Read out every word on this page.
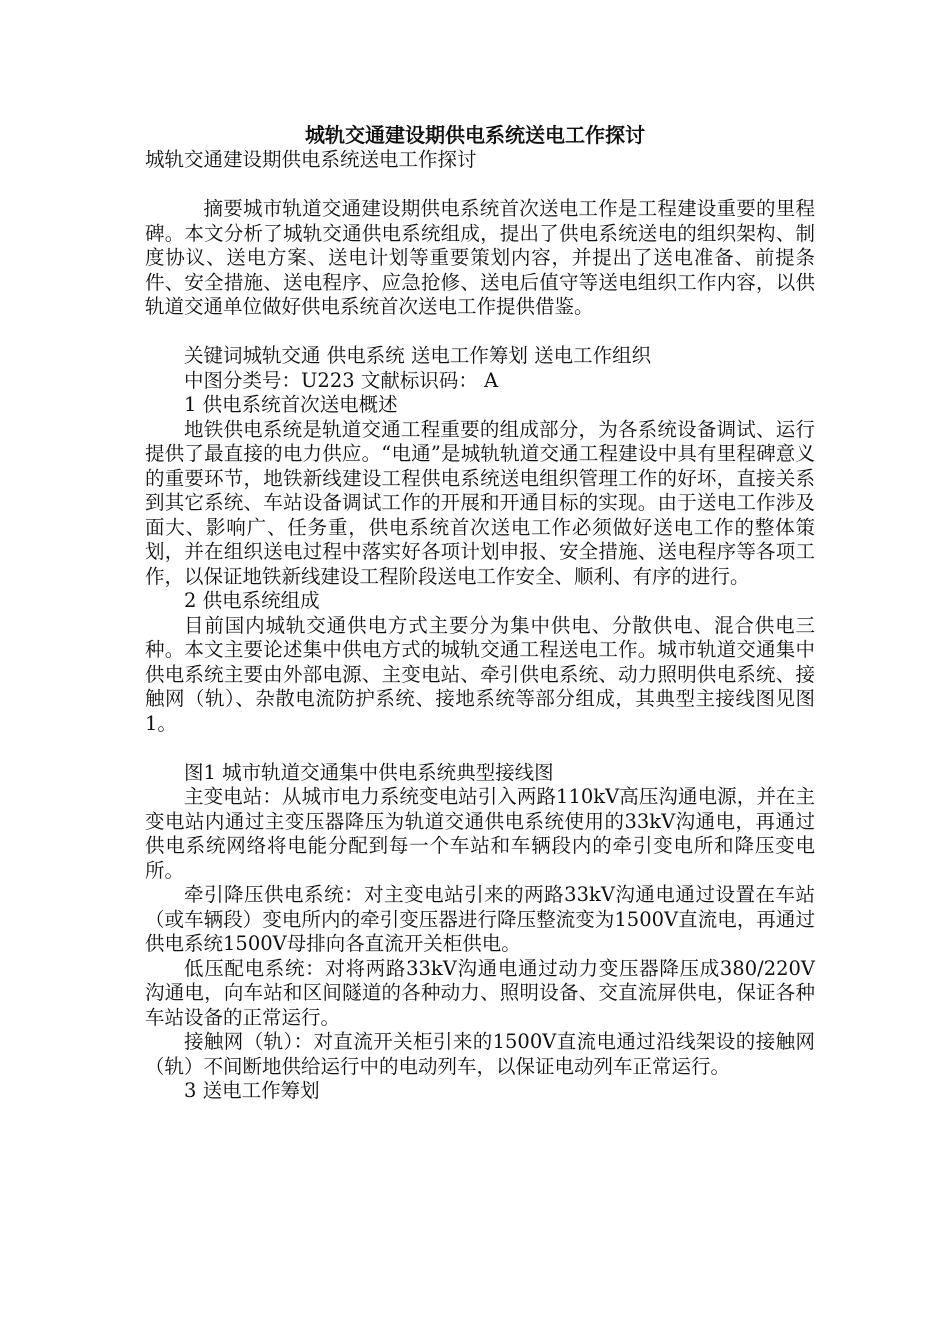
城轨交通建设期供电系统送电工作探讨

城轨交通建设期供电系统送电工作探讨

摘要城市轨道交通建设期供电系统首次送电工作是工程建设重要的里程碑。本文分析了城轨交通供电系统组成，提出了供电系统送电的组织架构、制度协议、送电方案、送电计划等重要策划内容，并提出了送电准备、前提条件、安全措施、送电程序、应急抢修、送电后值守等送电组织工作内容，以供轨道交通单位做好供电系统首次送电工作提供借鉴。

关键词城轨交通 供电系统 送电工作筹划 送电工作组织

中图分类号：U223 文献标识码： A

1 供电系统首次送电概述

地铁供电系统是轨道交通工程重要的组成部分，为各系统设备调试、运行提供了最直接的电力供应。“电通”是城轨轨道交通工程建设中具有里程碑意义的重要环节，地铁新线建设工程供电系统送电组织管理工作的好坏，直接关系到其它系统、车站设备调试工作的开展和开通目标的实现。由于送电工作涉及面大、影响广、任务重，供电系统首次送电工作必须做好送电工作的整体策划，并在组织送电过程中落实好各项计划申报、安全措施、送电程序等各项工作，以保证地铁新线建设工程阶段送电工作安全、顺利、有序的进行。

2 供电系统组成

目前国内城轨交通供电方式主要分为集中供电、分散供电、混合供电三种。本文主要论述集中供电方式的城轨交通工程送电工作。城市轨道交通集中供电系统主要由外部电源、主变电站、牵引供电系统、动力照明供电系统、接触网（轨）、杂散电流防护系统、接地系统等部分组成，其典型主接线图见图1。

图1 城市轨道交通集中供电系统典型接线图

主变电站：从城市电力系统变电站引入两路110kV高压沟通电源，并在主变电站内通过主变压器降压为轨道交通供电系统使用的33kV沟通电，再通过供电系统网络将电能分配到每一个车站和车辆段内的牵引变电所和降压变电所。

牵引降压供电系统：对主变电站引来的两路33kV沟通电通过设置在车站（或车辆段）变电所内的牵引变压器进行降压整流变为1500V直流电，再通过供电系统1500V母排向各直流开关柜供电。

低压配电系统：对将两路33kV沟通电通过动力变压器降压成380/220V沟通电，向车站和区间隧道的各种动力、照明设备、交直流屏供电，保证各种车站设备的正常运行。

接触网（轨）：对直流开关柜引来的1500V直流电通过沿线架设的接触网（轨）不间断地供给运行中的电动列车，以保证电动列车正常运行。

3 送电工作筹划
